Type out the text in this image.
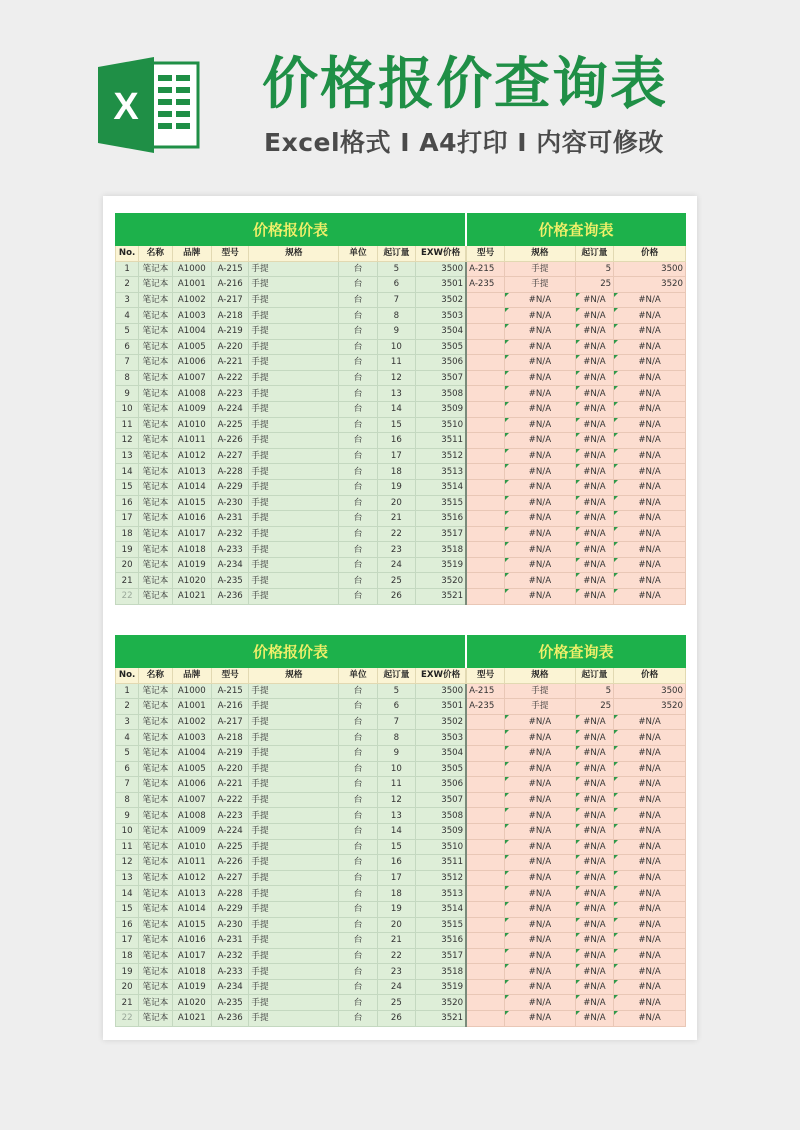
X 价格报价查询表
Excel格式 I A4打印 I 内容可修改
价格报价表								价格查询表			
No.	名称	品牌	型号	规格	单位	起订量	EXW价格	型号	规格	起订量	价格
1	笔记本	A1000	A-215	手提	台	5	3500	A-215	手提	5	3500
2	笔记本	A1001	A-216	手提	台	6	3501	A-235	手提	25	3520
3	笔记本	A1002	A-217	手提	台	7	3502		#N/A	#N/A	#N/A
4	笔记本	A1003	A-218	手提	台	8	3503		#N/A	#N/A	#N/A
5	笔记本	A1004	A-219	手提	台	9	3504		#N/A	#N/A	#N/A
6	笔记本	A1005	A-220	手提	台	10	3505		#N/A	#N/A	#N/A
7	笔记本	A1006	A-221	手提	台	11	3506		#N/A	#N/A	#N/A
8	笔记本	A1007	A-222	手提	台	12	3507		#N/A	#N/A	#N/A
9	笔记本	A1008	A-223	手提	台	13	3508		#N/A	#N/A	#N/A
10	笔记本	A1009	A-224	手提	台	14	3509		#N/A	#N/A	#N/A
11	笔记本	A1010	A-225	手提	台	15	3510		#N/A	#N/A	#N/A
12	笔记本	A1011	A-226	手提	台	16	3511		#N/A	#N/A	#N/A
13	笔记本	A1012	A-227	手提	台	17	3512		#N/A	#N/A	#N/A
14	笔记本	A1013	A-228	手提	台	18	3513		#N/A	#N/A	#N/A
15	笔记本	A1014	A-229	手提	台	19	3514		#N/A	#N/A	#N/A
16	笔记本	A1015	A-230	手提	台	20	3515		#N/A	#N/A	#N/A
17	笔记本	A1016	A-231	手提	台	21	3516		#N/A	#N/A	#N/A
18	笔记本	A1017	A-232	手提	台	22	3517		#N/A	#N/A	#N/A
19	笔记本	A1018	A-233	手提	台	23	3518		#N/A	#N/A	#N/A
20	笔记本	A1019	A-234	手提	台	24	3519		#N/A	#N/A	#N/A
21	笔记本	A1020	A-235	手提	台	25	3520		#N/A	#N/A	#N/A
22	笔记本	A1021	A-236	手提	台	26	3521		#N/A	#N/A	#N/A
价格报价表								价格查询表			
No.	名称	品牌	型号	规格	单位	起订量	EXW价格	型号	规格	起订量	价格
1	笔记本	A1000	A-215	手提	台	5	3500	A-215	手提	5	3500
2	笔记本	A1001	A-216	手提	台	6	3501	A-235	手提	25	3520
3	笔记本	A1002	A-217	手提	台	7	3502		#N/A	#N/A	#N/A
4	笔记本	A1003	A-218	手提	台	8	3503		#N/A	#N/A	#N/A
5	笔记本	A1004	A-219	手提	台	9	3504		#N/A	#N/A	#N/A
6	笔记本	A1005	A-220	手提	台	10	3505		#N/A	#N/A	#N/A
7	笔记本	A1006	A-221	手提	台	11	3506		#N/A	#N/A	#N/A
8	笔记本	A1007	A-222	手提	台	12	3507		#N/A	#N/A	#N/A
9	笔记本	A1008	A-223	手提	台	13	3508		#N/A	#N/A	#N/A
10	笔记本	A1009	A-224	手提	台	14	3509		#N/A	#N/A	#N/A
11	笔记本	A1010	A-225	手提	台	15	3510		#N/A	#N/A	#N/A
12	笔记本	A1011	A-226	手提	台	16	3511		#N/A	#N/A	#N/A
13	笔记本	A1012	A-227	手提	台	17	3512		#N/A	#N/A	#N/A
14	笔记本	A1013	A-228	手提	台	18	3513		#N/A	#N/A	#N/A
15	笔记本	A1014	A-229	手提	台	19	3514		#N/A	#N/A	#N/A
16	笔记本	A1015	A-230	手提	台	20	3515		#N/A	#N/A	#N/A
17	笔记本	A1016	A-231	手提	台	21	3516		#N/A	#N/A	#N/A
18	笔记本	A1017	A-232	手提	台	22	3517		#N/A	#N/A	#N/A
19	笔记本	A1018	A-233	手提	台	23	3518		#N/A	#N/A	#N/A
20	笔记本	A1019	A-234	手提	台	24	3519		#N/A	#N/A	#N/A
21	笔记本	A1020	A-235	手提	台	25	3520		#N/A	#N/A	#N/A
22	笔记本	A1021	A-236	手提	台	26	3521		#N/A	#N/A	#N/A
